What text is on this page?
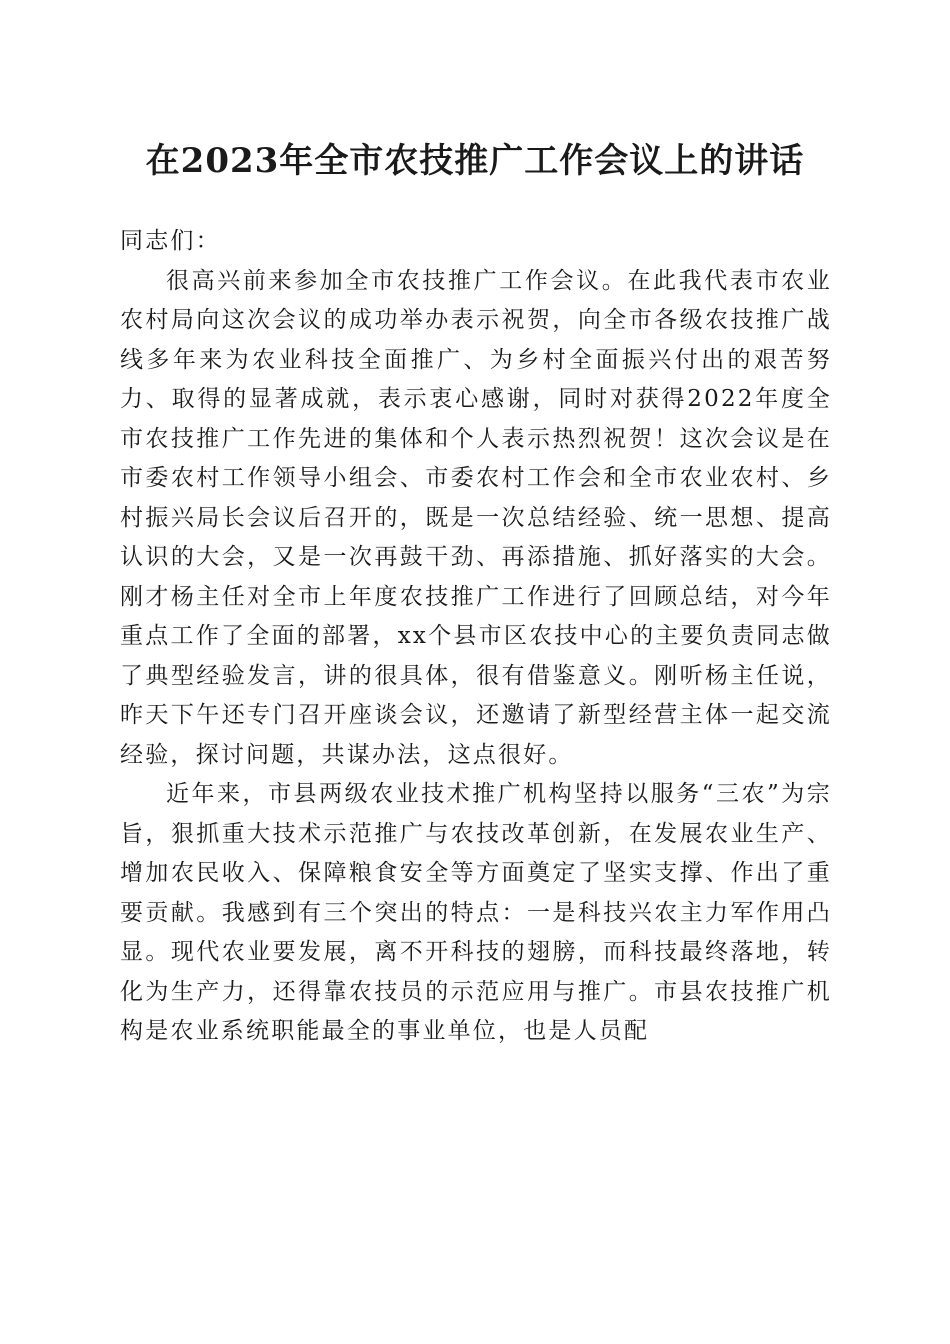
在2023年全市农技推广工作会议上的讲话

同志们：

很高兴前来参加全市农技推广工作会议。在此我代表市农业农村局向这次会议的成功举办表示祝贺，向全市各级农技推广战线多年来为农业科技全面推广、为乡村全面振兴付出的艰苦努力、取得的显著成就，表示衷心感谢，同时对获得2022年度全市农技推广工作先进的集体和个人表示热烈祝贺！这次会议是在市委农村工作领导小组会、市委农村工作会和全市农业农村、乡村振兴局长会议后召开的，既是一次总结经验、统一思想、提高认识的大会，又是一次再鼓干劲、再添措施、抓好落实的大会。刚才杨主任对全市上年度农技推广工作进行了回顾总结，对今年重点工作了全面的部署，xx个县市区农技中心的主要负责同志做了典型经验发言，讲的很具体，很有借鉴意义。刚听杨主任说，昨天下午还专门召开座谈会议，还邀请了新型经营主体一起交流经验，探讨问题，共谋办法，这点很好。

近年来，市县两级农业技术推广机构坚持以服务“三农”为宗旨，狠抓重大技术示范推广与农技改革创新，在发展农业生产、增加农民收入、保障粮食安全等方面奠定了坚实支撑、作出了重要贡献。我感到有三个突出的特点：一是科技兴农主力军作用凸显。现代农业要发展，离不开科技的翅膀，而科技最终落地，转化为生产力，还得靠农技员的示范应用与推广。市县农技推广机构是农业系统职能最全的事业单位，也是人员配
